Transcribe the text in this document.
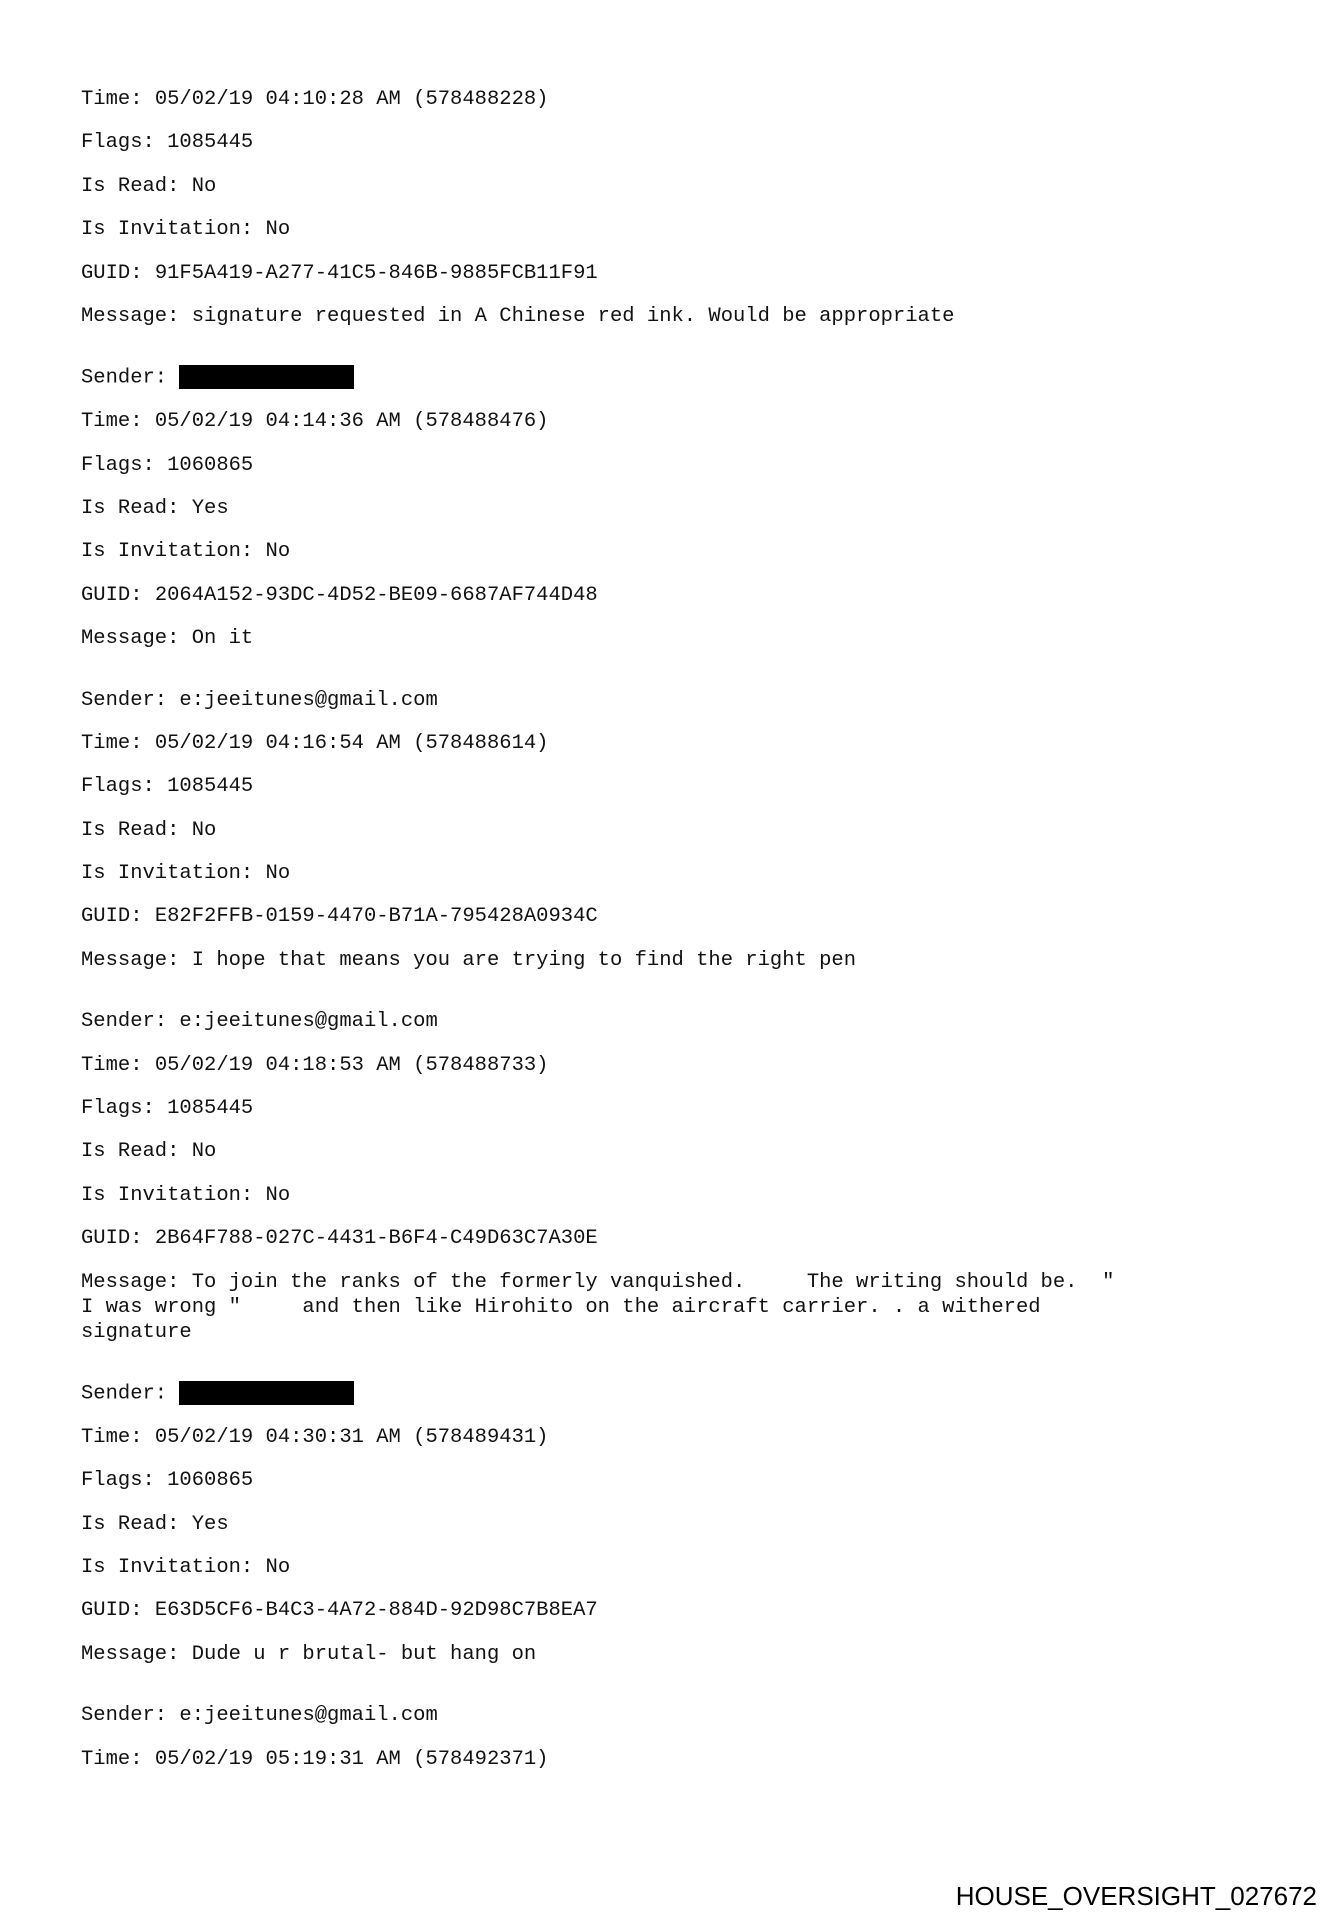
Time: 05/02/19 04:10:28 AM (578488228)
Flags: 1085445
Is Read: No
Is Invitation: No
GUID: 91F5A419-A277-41C5-846B-9885FCB11F91
Message: signature requested in A Chinese red ink. Would be appropriate
Sender:
Time: 05/02/19 04:14:36 AM (578488476)
Flags: 1060865
Is Read: Yes
Is Invitation: No
GUID: 2064A152-93DC-4D52-BE09-6687AF744D48
Message: On it
Sender: e:jeeitunes@gmail.com
Time: 05/02/19 04:16:54 AM (578488614)
Flags: 1085445
Is Read: No
Is Invitation: No
GUID: E82F2FFB-0159-4470-B71A-795428A0934C
Message: I hope that means you are trying to find the right pen
Sender: e:jeeitunes@gmail.com
Time: 05/02/19 04:18:53 AM (578488733)
Flags: 1085445
Is Read: No
Is Invitation: No
GUID: 2B64F788-027C-4431-B6F4-C49D63C7A30E
Message: To join the ranks of the formerly vanquished.     The writing should be.  "
I was wrong "     and then like Hirohito on the aircraft carrier. . a withered
signature
Sender:
Time: 05/02/19 04:30:31 AM (578489431)
Flags: 1060865
Is Read: Yes
Is Invitation: No
GUID: E63D5CF6-B4C3-4A72-884D-92D98C7B8EA7
Message: Dude u r brutal- but hang on
Sender: e:jeeitunes@gmail.com
Time: 05/02/19 05:19:31 AM (578492371)
HOUSE_OVERSIGHT_027672
